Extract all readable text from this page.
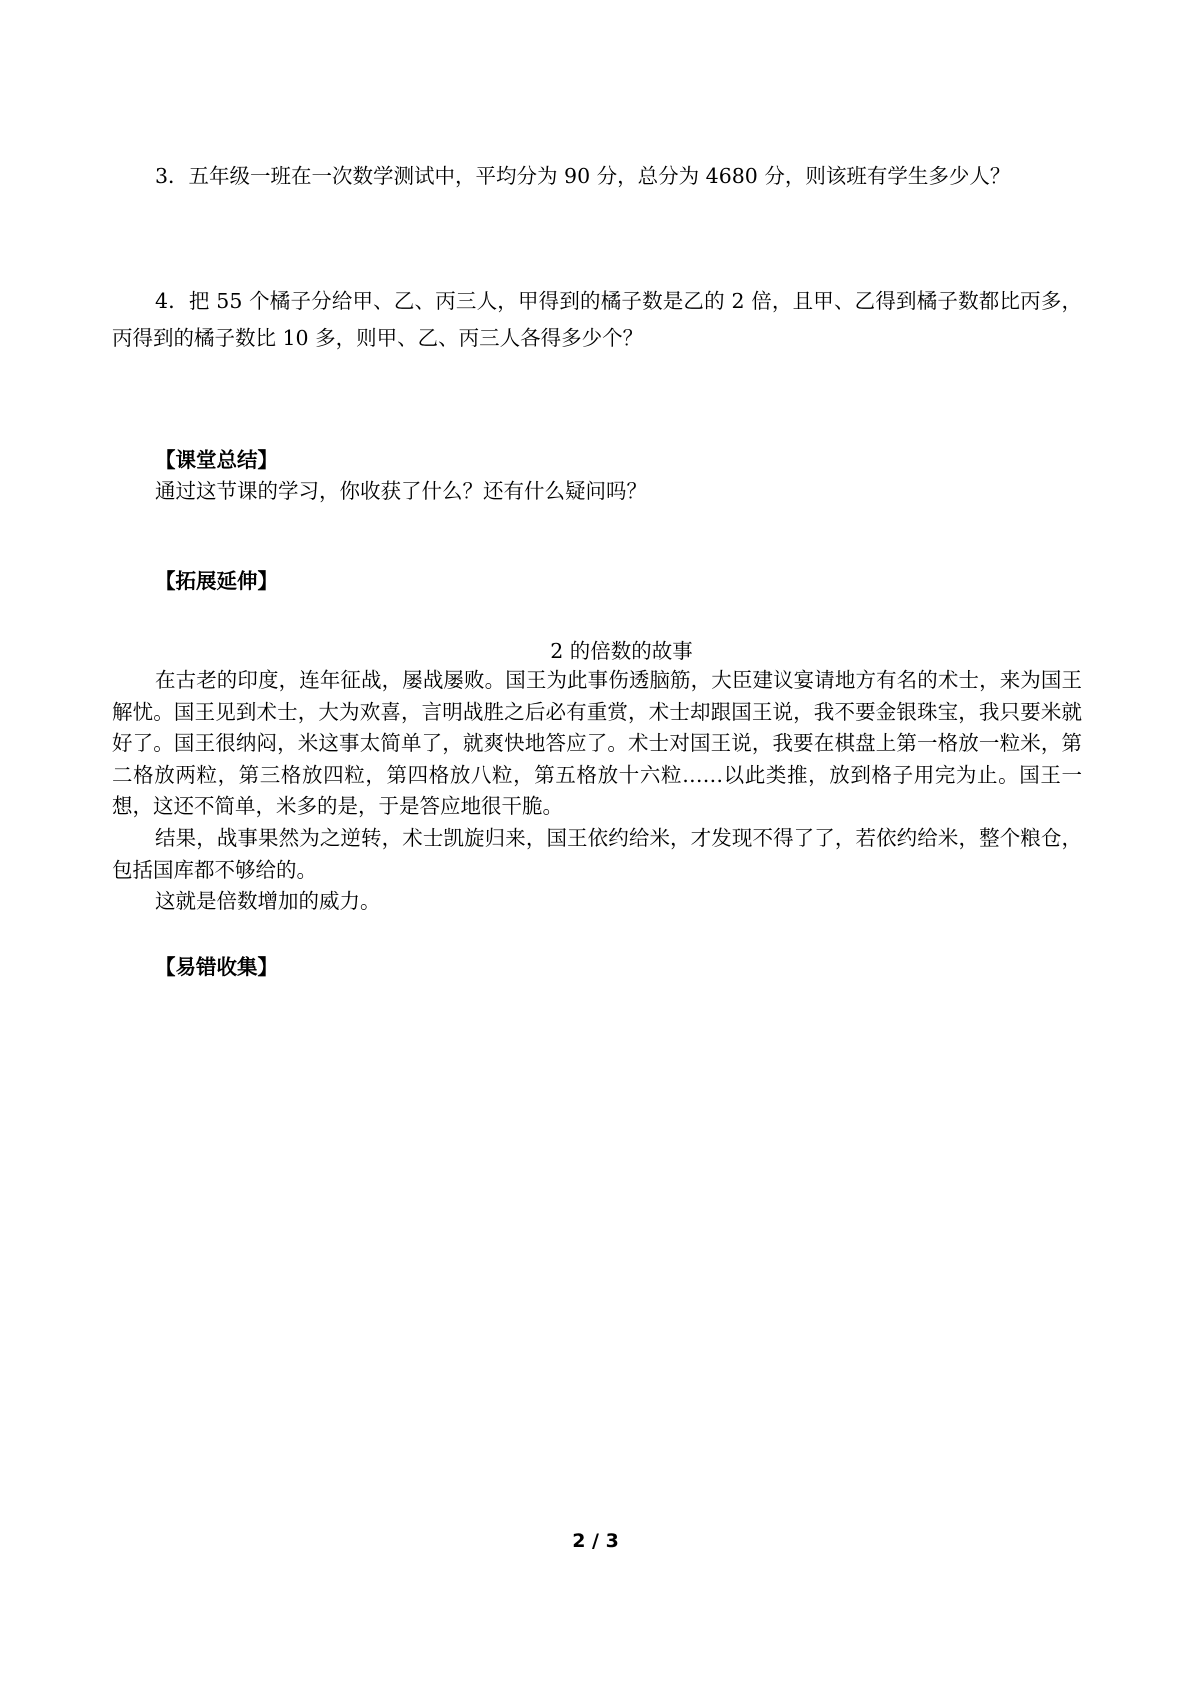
3．五年级一班在一次数学测试中，平均分为 90 分，总分为 4680 分，则该班有学生多少人？

4．把 55 个橘子分给甲、乙、丙三人，甲得到的橘子数是乙的 2 倍，且甲、乙得到橘子数都比丙多，丙得到的橘子数比 10 多，则甲、乙、丙三人各得多少个？

【课堂总结】
通过这节课的学习，你收获了什么？还有什么疑问吗？
【拓展延伸】
2 的倍数的故事

在古老的印度，连年征战，屡战屡败。国王为此事伤透脑筋，大臣建议宴请地方有名的术士，来为国王解忧。国王见到术士，大为欢喜，言明战胜之后必有重赏，术士却跟国王说，我不要金银珠宝，我只要米就好了。国王很纳闷，米这事太简单了，就爽快地答应了。术士对国王说，我要在棋盘上第一格放一粒米，第二格放两粒，第三格放四粒，第四格放八粒，第五格放十六粒……以此类推，放到格子用完为止。国王一想，这还不简单，米多的是，于是答应地很干脆。

结果，战事果然为之逆转，术士凯旋归来，国王依约给米，才发现不得了了，若依约给米，整个粮仓，包括国库都不够给的。

这就是倍数增加的威力。

【易错收集】
2 / 3
